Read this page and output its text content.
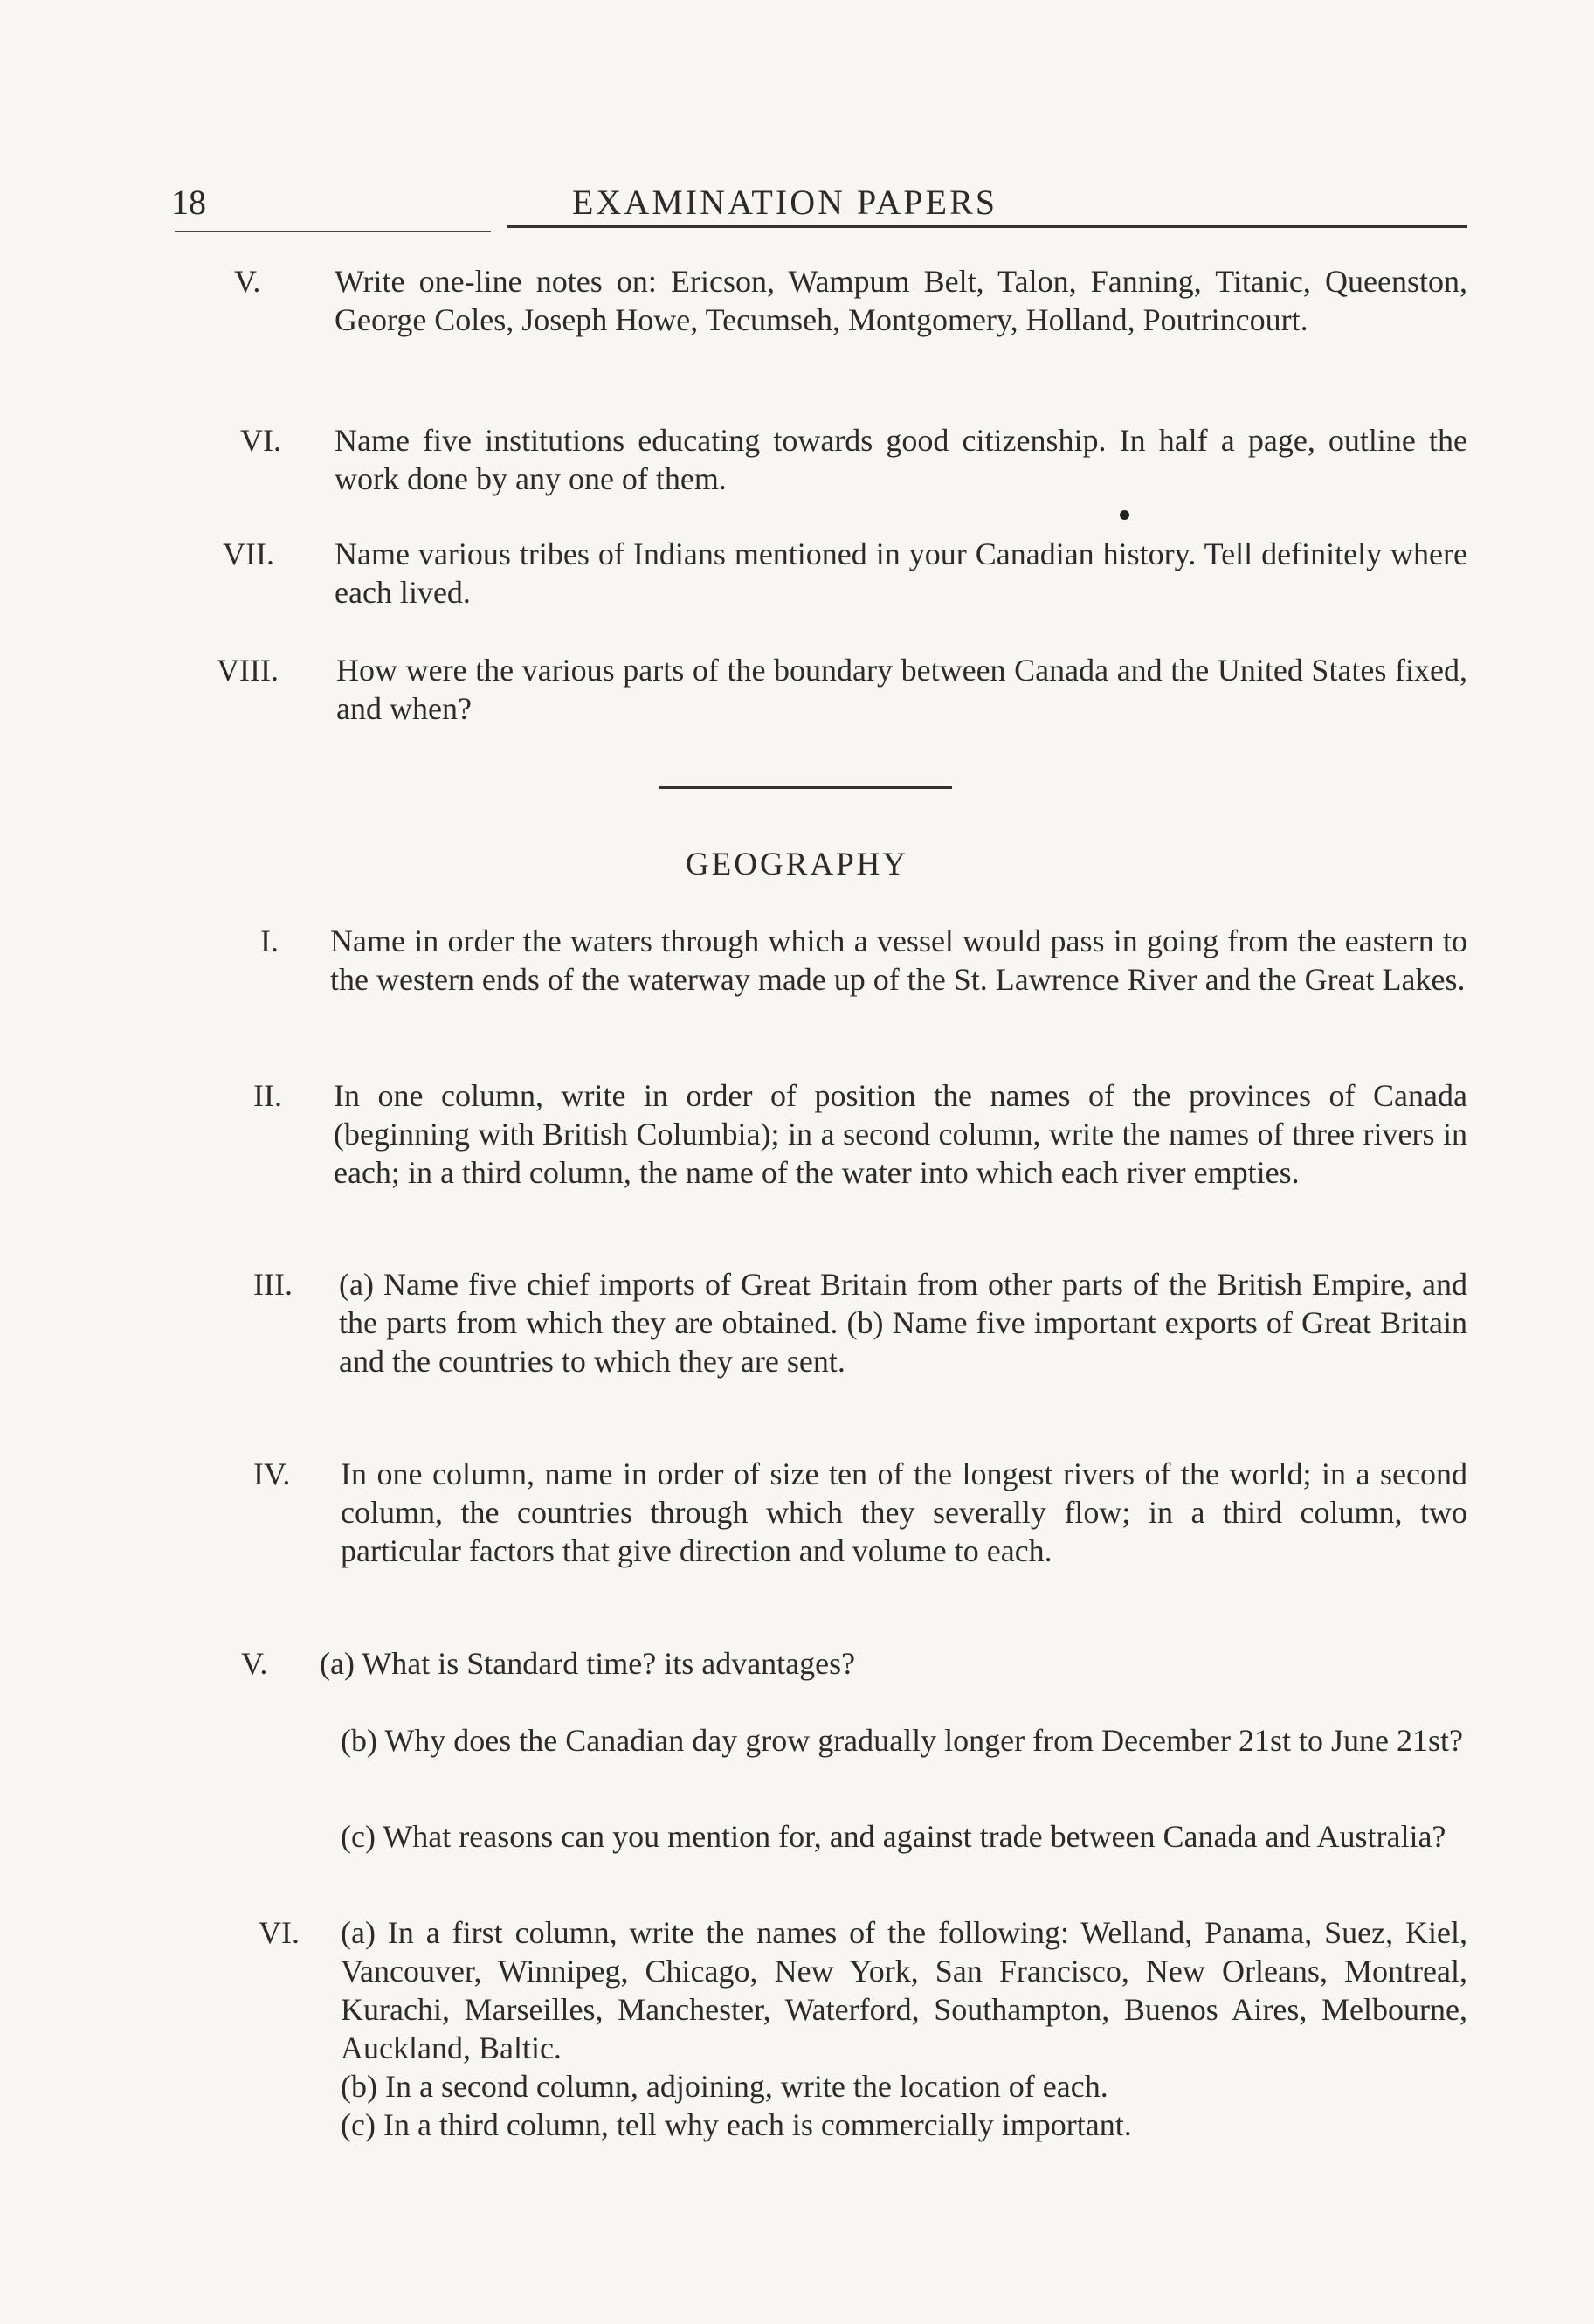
18	EXAMINATION PAPERS
V. Write one-line notes on: Ericson, Wampum Belt, Talon, Fanning, Titanic, Queenston, George Coles, Joseph Howe, Tecumseh, Montgomery, Holland, Poutrincourt.
VI. Name five institutions educating towards good citizenship. In half a page, outline the work done by any one of them.
VII. Name various tribes of Indians mentioned in your Canadian history. Tell definitely where each lived.
VIII. How were the various parts of the boundary between Canada and the United States fixed, and when?
GEOGRAPHY
I. Name in order the waters through which a vessel would pass in going from the eastern to the western ends of the waterway made up of the St. Lawrence River and the Great Lakes.
II. In one column, write in order of position the names of the provinces of Canada (beginning with British Columbia); in a second column, write the names of three rivers in each; in a third column, the name of the water into which each river empties.
III. (a) Name five chief imports of Great Britain from other parts of the British Empire, and the parts from which they are obtained. (b) Name five important exports of Great Britain and the countries to which they are sent.
IV. In one column, name in order of size ten of the longest rivers of the world; in a second column, the countries through which they severally flow; in a third column, two particular factors that give direction and volume to each.
V. (a) What is Standard time? its advantages?
(b) Why does the Canadian day grow gradually longer from December 21st to June 21st?
(c) What reasons can you mention for, and against trade between Canada and Australia?
VI. (a) In a first column, write the names of the following: Welland, Panama, Suez, Kiel, Vancouver, Winnipeg, Chicago, New York, San Francisco, New Orleans, Montreal, Kurachi, Marseilles, Manchester, Waterford, Southampton, Buenos Aires, Melbourne, Auckland, Baltic.
(b) In a second column, adjoining, write the location of each.
(c) In a third column, tell why each is commercially important.
